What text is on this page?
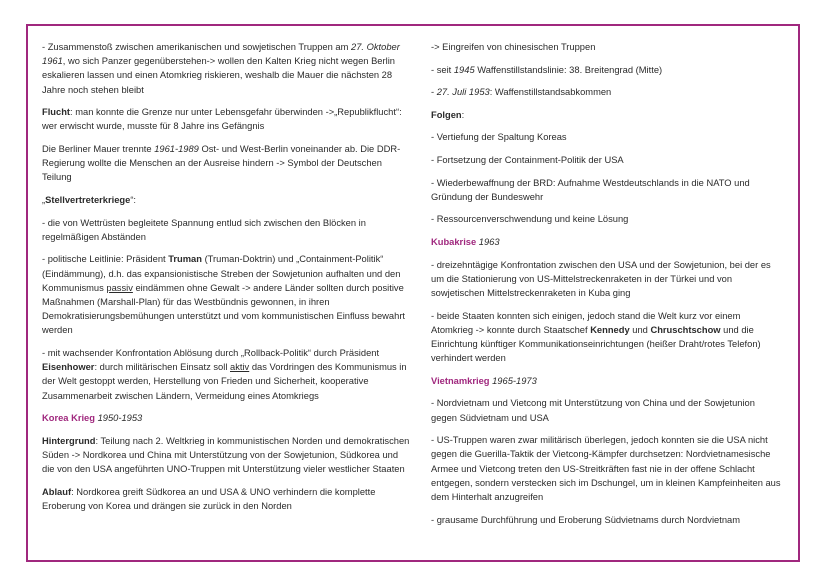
- Zusammenstoß zwischen amerikanischen und sowjetischen Truppen am 27. Oktober 1961, wo sich Panzer gegenüberstehen-> wollen den Kalten Krieg nicht wegen Berlin eskalieren lassen und einen Atomkrieg riskieren, weshalb die Mauer die nächsten 28 Jahre noch stehen bleibt

Flucht: man konnte die Grenze nur unter Lebensgefahr überwinden ->„Republikflucht“: wer erwischt wurde, musste für 8 Jahre ins Gefängnis

Die Berliner Mauer trennte 1961-1989 Ost- und West-Berlin voneinander ab. Die DDR-Regierung wollte die Menschen an der Ausreise hindern -> Symbol der Deutschen Teilung

„Stellvertreterkriege“:

- die von Wettrüsten begleitete Spannung entlud sich zwischen den Blöcken in regelmäßigen Abständen

- politische Leitlinie: Präsident Truman (Truman-Doktrin) und „Containment-Politik“ (Eindämmung), d.h. das expansionistische Streben der Sowjetunion aufhalten und den Kommunismus passiv eindämmen ohne Gewalt -> andere Länder sollten durch positive Maßnahmen (Marshall-Plan) für das Westbündnis gewonnen, in ihren Demokratisierungsbemühungen unterstützt und vom kommunistischen Einfluss bewahrt werden

- mit wachsender Konfrontation Ablösung durch „Rollback-Politik“ durch Präsident Eisenhower: durch militärischen Einsatz soll aktiv das Vordringen des Kommunismus in der Welt gestoppt werden, Herstellung von Frieden und Sicherheit, kooperative Zusammenarbeit zwischen Ländern, Vermeidung eines Atomkriegs

Korea Krieg 1950-1953

Hintergrund: Teilung nach 2. Weltkrieg in kommunistischen Norden und demokratischen Süden -> Nordkorea und China mit Unterstützung von der Sowjetunion, Südkorea und die von den USA angeführten UNO-Truppen mit Unterstützung vieler westlicher Staaten

Ablauf: Nordkorea greift Südkorea an und USA & UNO verhindern die komplette Eroberung von Korea und drängen sie zurück in den Norden

-> Eingreifen von chinesischen Truppen

- seit 1945 Waffenstillstandslinie: 38. Breitengrad (Mitte)

- 27. Juli 1953: Waffenstillstandsabkommen

Folgen:

- Vertiefung der Spaltung Koreas

- Fortsetzung der Containment-Politik der USA

- Wiederbewaffnung der BRD: Aufnahme Westdeutschlands in die NATO und Gründung der Bundeswehr

- Ressourcenverschwendung und keine Lösung

Kubakrise 1963

- dreizehntägige Konfrontation zwischen den USA und der Sowjetunion, bei der es um die Stationierung von US-Mittelstreckenraketen in der Türkei und von sowjetischen Mittelstreckenraketen in Kuba ging

- beide Staaten konnten sich einigen, jedoch stand die Welt kurz vor einem Atomkrieg -> konnte durch Staatschef Kennedy und Chruschtschow und die Einrichtung künftiger Kommunikationseinrichtungen (heißer Draht/rotes Telefon) verhindert werden

Vietnamkrieg 1965-1973

- Nordvietnam und Vietcong mit Unterstützung von China und der Sowjetunion gegen Südvietnam und USA

- US-Truppen waren zwar militärisch überlegen, jedoch konnten sie die USA nicht gegen die Guerilla-Taktik der Vietcong-Kämpfer durchsetzen: Nordvietnamesische Armee und Vietcong treten den US-Streitkräften fast nie in der offene Schlacht entgegen, sondern verstecken sich im Dschungel, um in kleinen Kampfeinheiten aus dem Hinterhalt anzugreifen

- grausame Durchführung und Eroberung Südvietnams durch Nordvietnam
